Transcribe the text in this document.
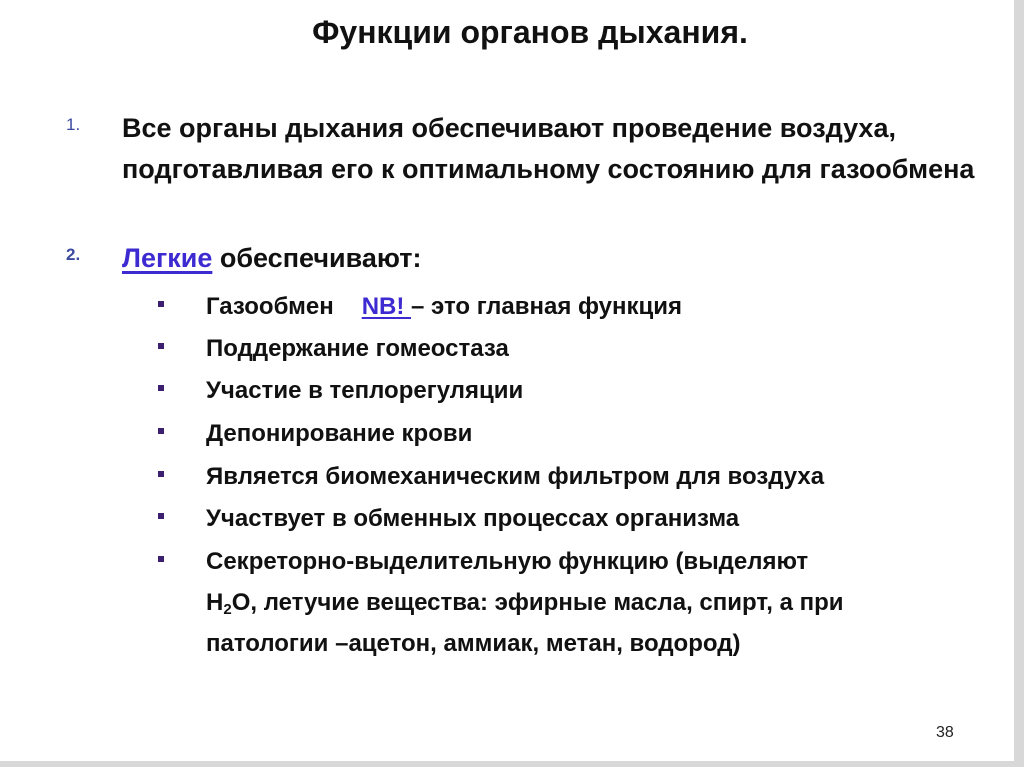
Функции органов дыхания.
1. Все органы дыхания обеспечивают проведение воздуха, подготавливая его к оптимальному состоянию для газообмена
2. Легкие обеспечивают:
Газообмен NB! – это главная функция
Поддержание гомеостаза
Участие в теплорегуляции
Депонирование крови
Является биомеханическим фильтром для воздуха
Участвует в обменных процессах организма
Секреторно-выделительную функцию (выделяют
$H_2O$, летучие вещества: эфирные масла, спирт, а при
патологии –ацетон, аммиак, метан, водород)
38
